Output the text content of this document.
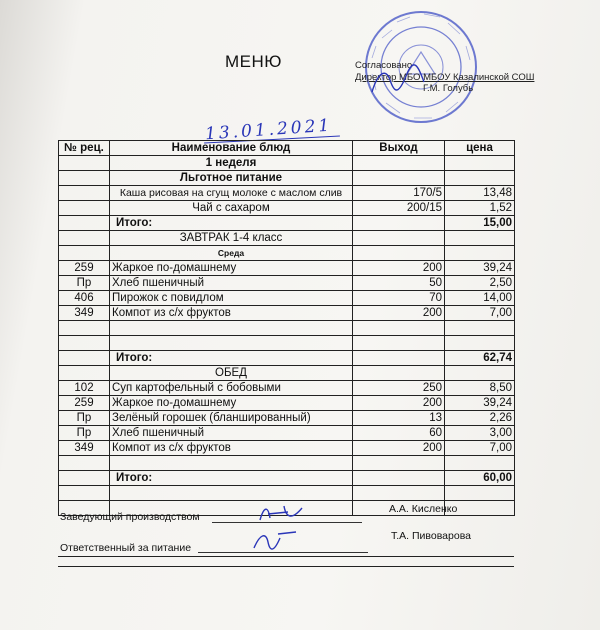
МЕНЮ	Согласовано
Директор МБО МБОУ Казалинской СОШ
Г.М. Голубь
13.01.2021
№ рец.	Наименование блюд	Выход	цена
	1 неделя		
	Льготное питание		
	Каша рисовая на сгущ молоке с маслом слив	170/5	13,48
	Чай с сахаром	200/15	1,52
	Итого:		15,00
	ЗАВТРАК 1-4 класс		
	Среда		
259	Жаркое по-домашнему	200	39,24
Пр	Хлеб пшеничный	50	2,50
406	Пирожок с повидлом	70	14,00
349	Компот из с/х фруктов	200	7,00

	Итого:		62,74
	ОБЕД		
102	Суп картофельный с бобовыми	250	8,50
259	Жаркое по-домашнему	200	39,24
Пр	Зелёный горошек (бланшированный)	13	2,26
Пр	Хлеб пшеничный	60	3,00
349	Компот из с/х фруктов	200	7,00

	Итого:		60,00

Заведующий производством
А.А. Кисленко
Ответственный за питание
Т.А. Пивоварова
